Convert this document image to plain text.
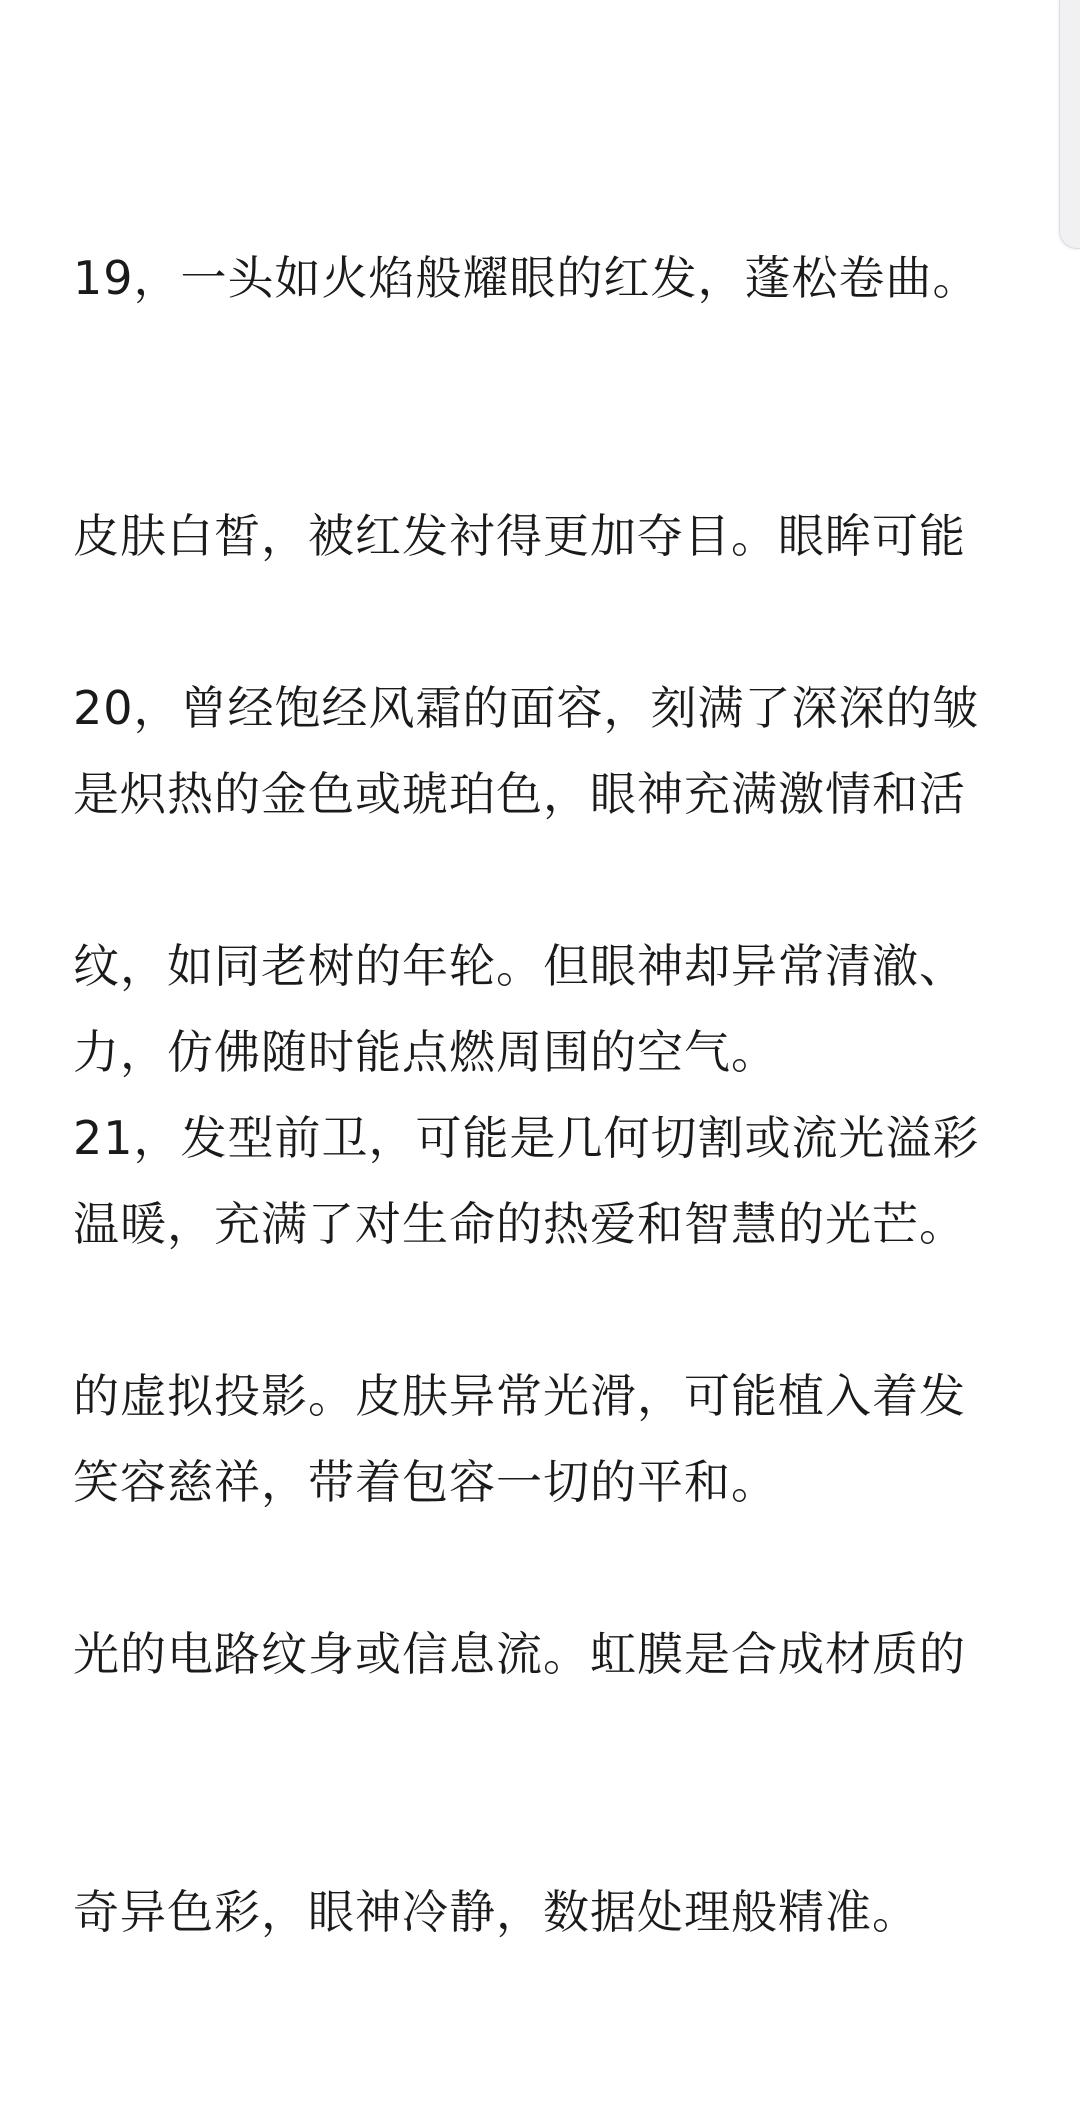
19，一头如火焰般耀眼的红发，蓬松卷曲。

皮肤白皙，被红发衬得更加夺目。眼眸可能

是炽热的金色或琥珀色，眼神充满激情和活

力，仿佛随时能点燃周围的空气。

20，曾经饱经风霜的面容，刻满了深深的皱

纹，如同老树的年轮。但眼神却异常清澈、

温暖，充满了对生命的热爱和智慧的光芒。

笑容慈祥，带着包容一切的平和。

21，发型前卫，可能是几何切割或流光溢彩

的虚拟投影。皮肤异常光滑，可能植入着发

光的电路纹身或信息流。虹膜是合成材质的

奇异色彩，眼神冷静，数据处理般精准。
